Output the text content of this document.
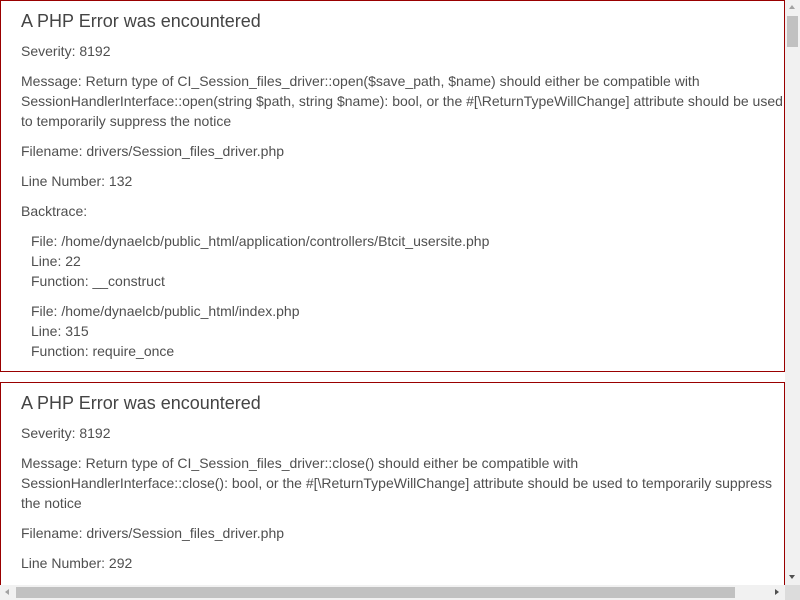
A PHP Error was encountered

Severity: 8192

Message: Return type of CI_Session_files_driver::open($save_path, $name) should either be compatible with
SessionHandlerInterface::open(string $path, string $name): bool, or the #[\ReturnTypeWillChange] attribute should be used
to temporarily suppress the notice

Filename: drivers/Session_files_driver.php

Line Number: 132

Backtrace:

File: /home/dynaelcb/public_html/application/controllers/Btcit_usersite.php

Line: 22

Function: __construct

File: /home/dynaelcb/public_html/index.php

Line: 315

Function: require_once

A PHP Error was encountered

Severity: 8192

Message: Return type of CI_Session_files_driver::close() should either be compatible with
SessionHandlerInterface::close(): bool, or the #[\ReturnTypeWillChange] attribute should be used to temporarily suppress
the notice

Filename: drivers/Session_files_driver.php

Line Number: 292
